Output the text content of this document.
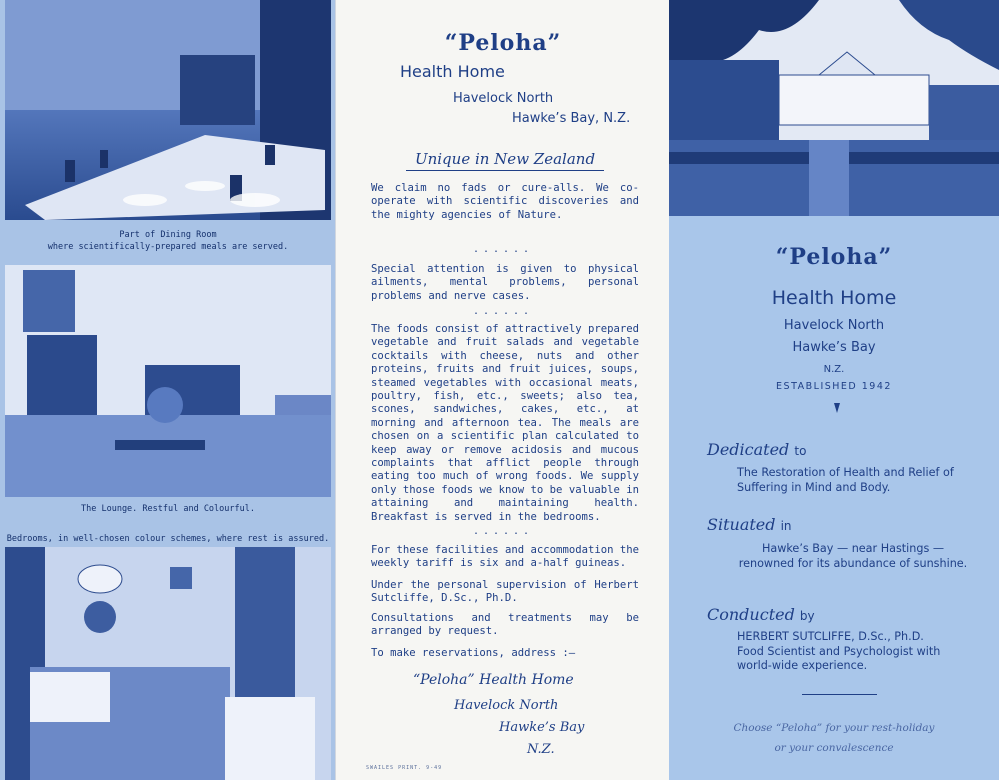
Part of Dining Room
where scientifically-prepared meals are served.
The Lounge. Restful and Colourful.
Bedrooms, in well-chosen colour schemes, where rest is assured.
“Peloha”
Health Home
Havelock North
Hawke’s Bay, N.Z.
Unique in New Zealand
We claim no fads or cure-alls. We co-operate with scientific discoveries and the mighty agencies of Nature.
......
Special attention is given to physical ailments, mental problems, personal problems and nerve cases.
......
The foods consist of attractively prepared vegetable and fruit salads and vegetable cocktails with cheese, nuts and other proteins, fruits and fruit juices, soups, steamed vegetables with occasional meats, poultry, fish, etc., sweets; also tea, scones, sandwiches, cakes, etc., at morning and afternoon tea. The meals are chosen on a scientific plan calculated to keep away or remove acidosis and mucous complaints that afflict people through eating too much of wrong foods. We supply only those foods we know to be valuable in attaining and maintaining health. Breakfast is served in the bedrooms.
......
For these facilities and accommodation the weekly tariff is six and a-half guineas.
Under the personal supervision of Herbert Sutcliffe, D.Sc., Ph.D.
Consultations and treatments may be arranged by request.
To make reservations, address :—
“Peloha” Health Home
Havelock North
Hawke’s Bay
N.Z.
SWAILES PRINT. 9-49
“Peloha”
Health Home
Havelock North
Hawke’s Bay
N.Z.
ESTABLISHED 1942
Dedicated to
The Restoration of Health and Relief of Suffering in Mind and Body.
Situated in
Hawke’s Bay — near Hastings — renowned for its abundance of sunshine.
Conducted by
HERBERT SUTCLIFFE, D.Sc., Ph.D.
Food Scientist and Psychologist with world-wide experience.
Choose “Peloha” for your rest-holiday
or your convalescence
